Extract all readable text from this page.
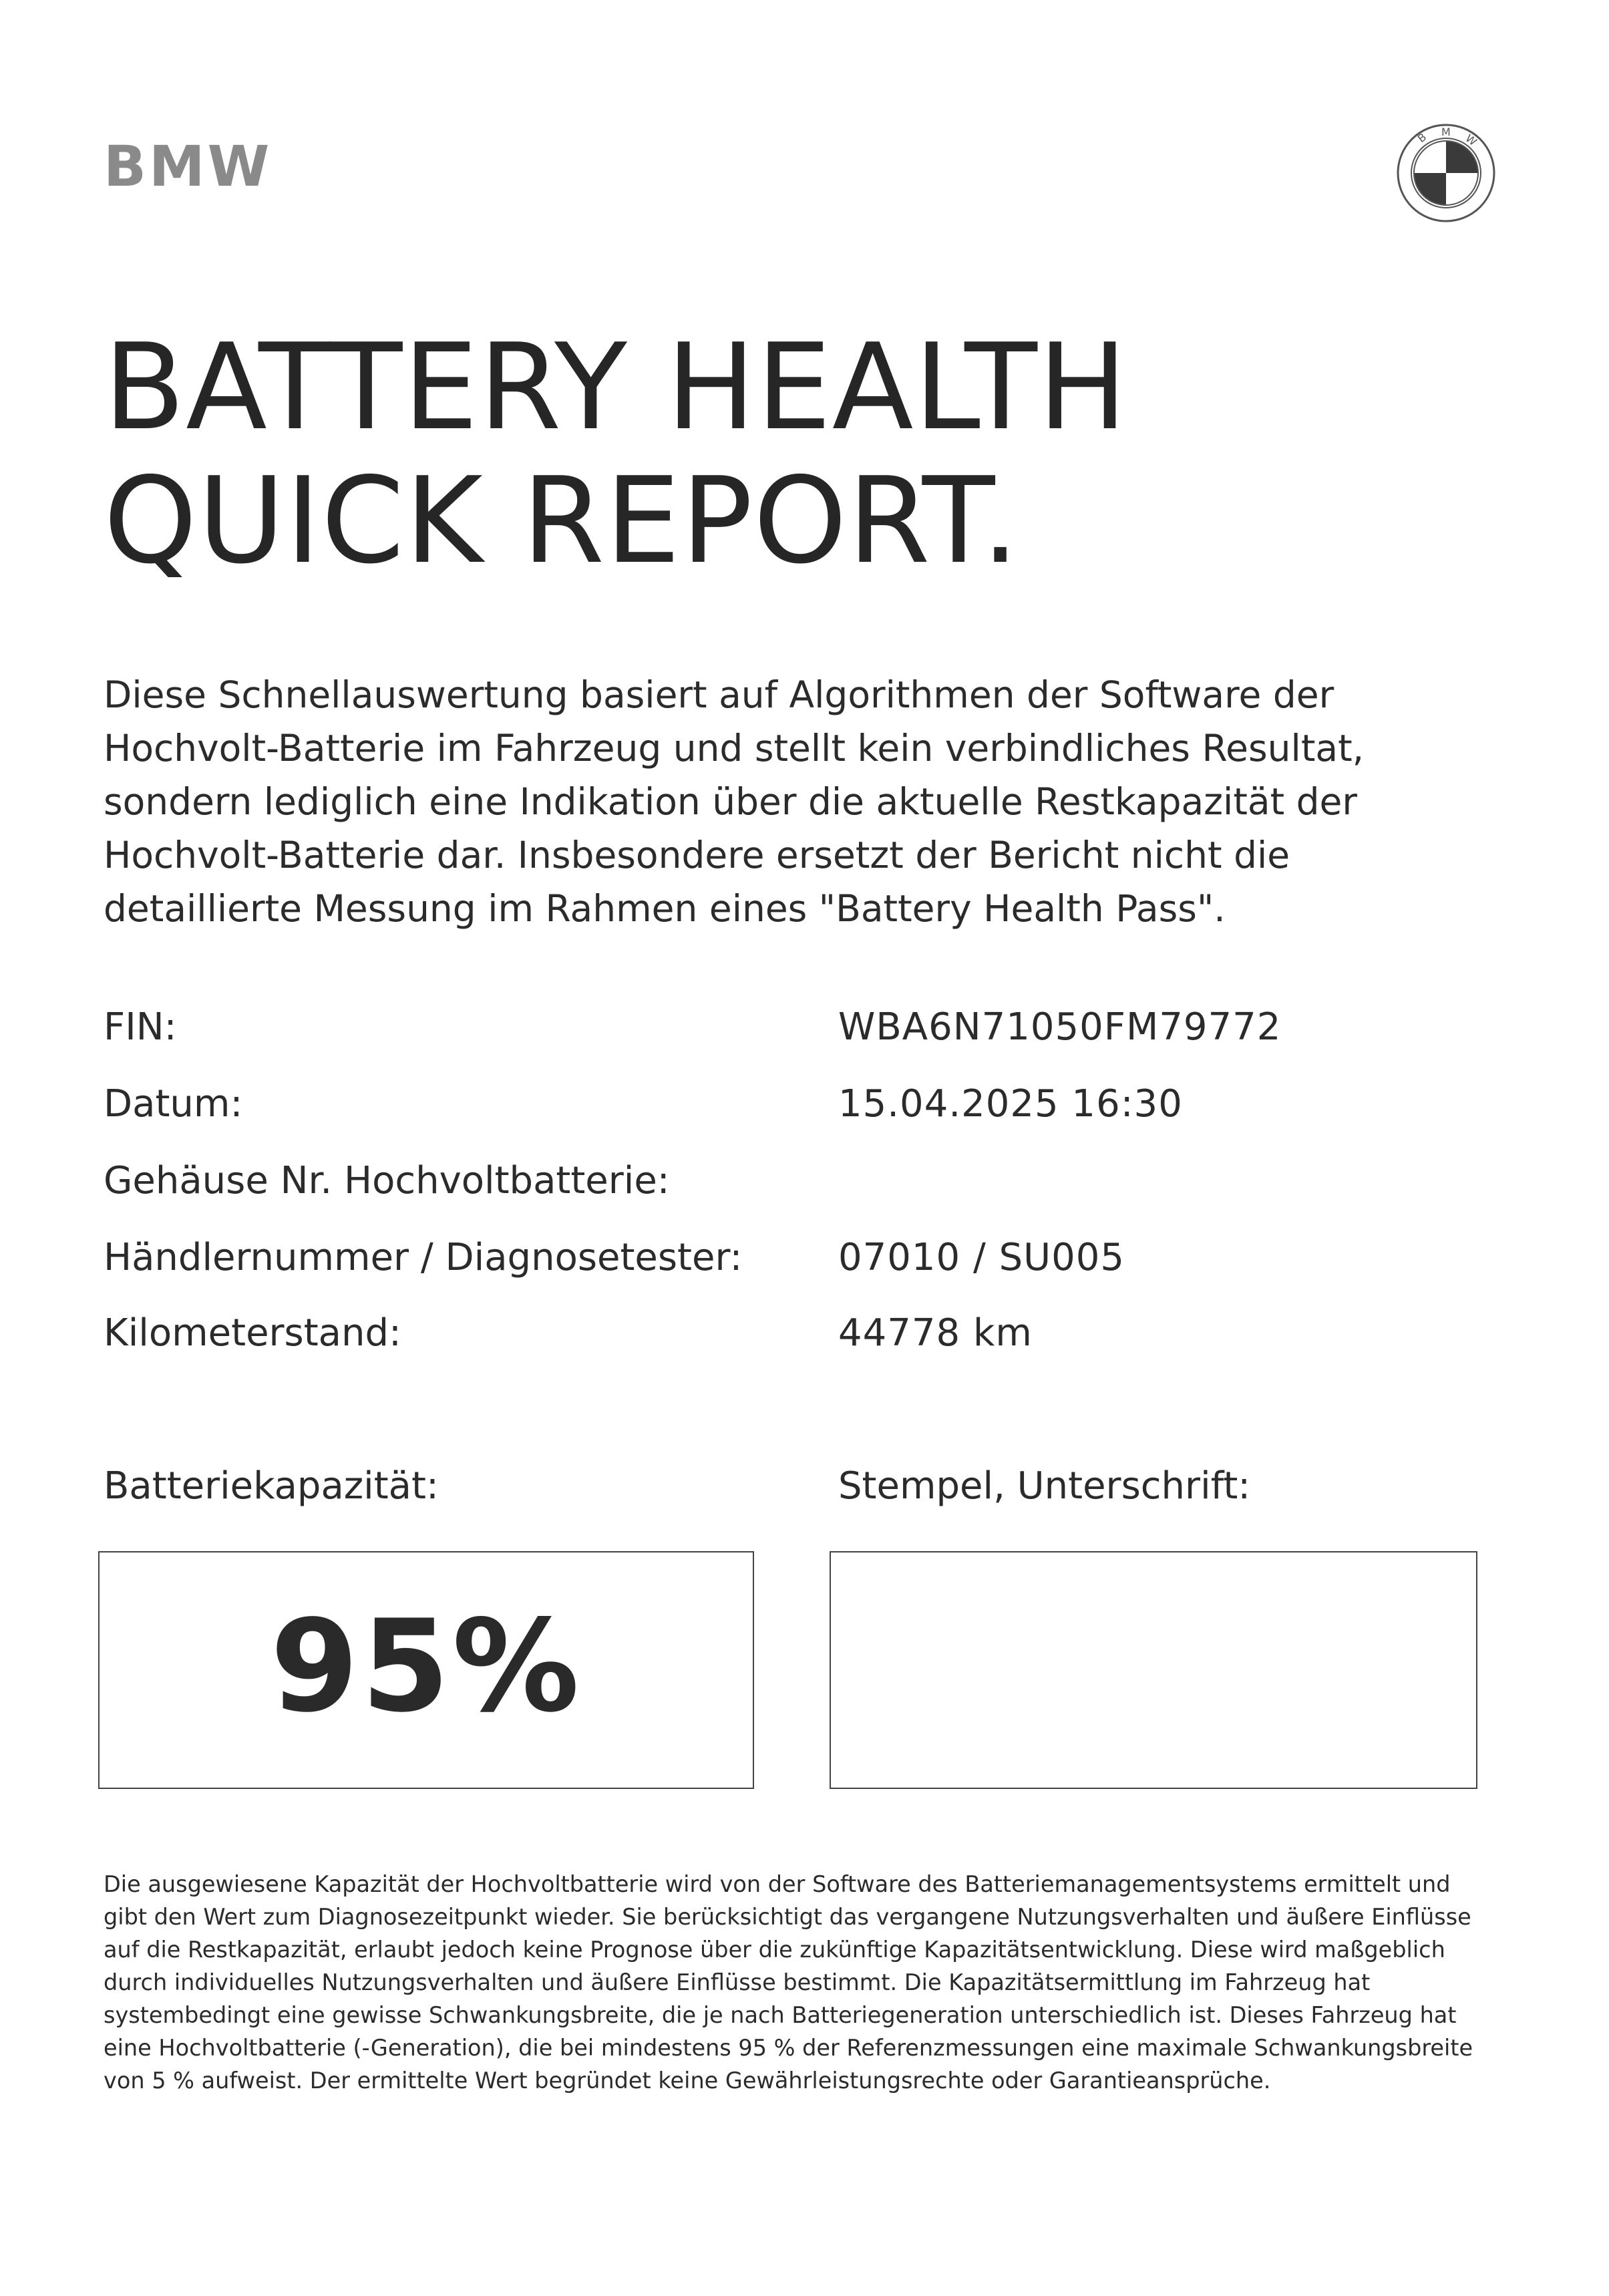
BMW	B M W
BATTERY HEALTH
QUICK REPORT.
Diese Schnellauswertung basiert auf Algorithmen der Software der
Hochvolt-Batterie im Fahrzeug und stellt kein verbindliches Resultat,
sondern lediglich eine Indikation über die aktuelle Restkapazität der
Hochvolt-Batterie dar. Insbesondere ersetzt der Bericht nicht die
detaillierte Messung im Rahmen eines "Battery Health Pass".
FIN:	WBA6N71050FM79772
Datum:	15.04.2025 16:30
Gehäuse Nr. Hochvoltbatterie:
Händlernummer / Diagnosetester:	07010 / SU005
Kilometerstand:	44778 km
Batteriekapazität:	Stempel, Unterschrift:
95%
Die ausgewiesene Kapazität der Hochvoltbatterie wird von der Software des Batteriemanagementsystems ermittelt und
gibt den Wert zum Diagnosezeitpunkt wieder. Sie berücksichtigt das vergangene Nutzungsverhalten und äußere Einflüsse
auf die Restkapazität, erlaubt jedoch keine Prognose über die zukünftige Kapazitätsentwicklung. Diese wird maßgeblich
durch individuelles Nutzungsverhalten und äußere Einflüsse bestimmt. Die Kapazitätsermittlung im Fahrzeug hat
systembedingt eine gewisse Schwankungsbreite, die je nach Batteriegeneration unterschiedlich ist. Dieses Fahrzeug hat
eine Hochvoltbatterie (-Generation), die bei mindestens 95 % der Referenzmessungen eine maximale Schwankungsbreite
von 5 % aufweist. Der ermittelte Wert begründet keine Gewährleistungsrechte oder Garantieansprüche.
